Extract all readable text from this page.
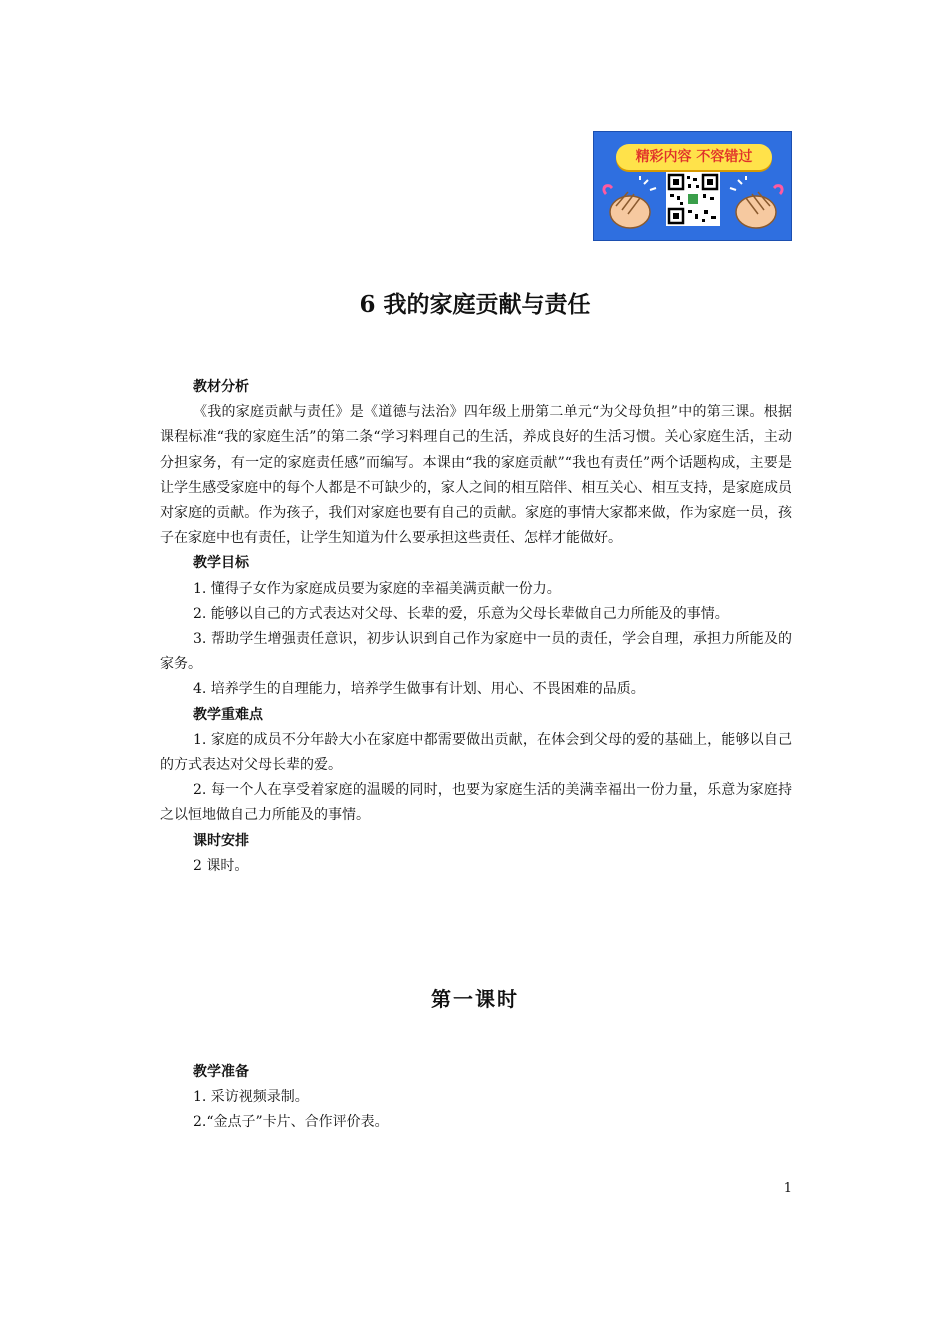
精彩内容 不容错过
6 我的家庭贡献与责任

教材分析

《我的家庭贡献与责任》是《道德与法治》四年级上册第二单元“为父母负担”中的第三课。根据课程标准“我的家庭生活”的第二条“学习料理自己的生活，养成良好的生活习惯。关心家庭生活，主动分担家务，有一定的家庭责任感”而编写。本课由“我的家庭贡献”“我也有责任”两个话题构成，主要是让学生感受家庭中的每个人都是不可缺少的，家人之间的相互陪伴、相互关心、相互支持，是家庭成员对家庭的贡献。作为孩子，我们对家庭也要有自己的贡献。家庭的事情大家都来做，作为家庭一员，孩子在家庭中也有责任，让学生知道为什么要承担这些责任、怎样才能做好。

教学目标

1. 懂得子女作为家庭成员要为家庭的幸福美满贡献一份力。

2. 能够以自己的方式表达对父母、长辈的爱，乐意为父母长辈做自己力所能及的事情。

3. 帮助学生增强责任意识，初步认识到自己作为家庭中一员的责任，学会自理，承担力所能及的家务。

4. 培养学生的自理能力，培养学生做事有计划、用心、不畏困难的品质。

教学重难点

1. 家庭的成员不分年龄大小在家庭中都需要做出贡献，在体会到父母的爱的基础上，能够以自己的方式表达对父母长辈的爱。

2. 每一个人在享受着家庭的温暖的同时，也要为家庭生活的美满幸福出一份力量，乐意为家庭持之以恒地做自己力所能及的事情。

课时安排

2 课时。

第一课时

教学准备

1. 采访视频录制。

2.“金点子”卡片、合作评价表。

1
